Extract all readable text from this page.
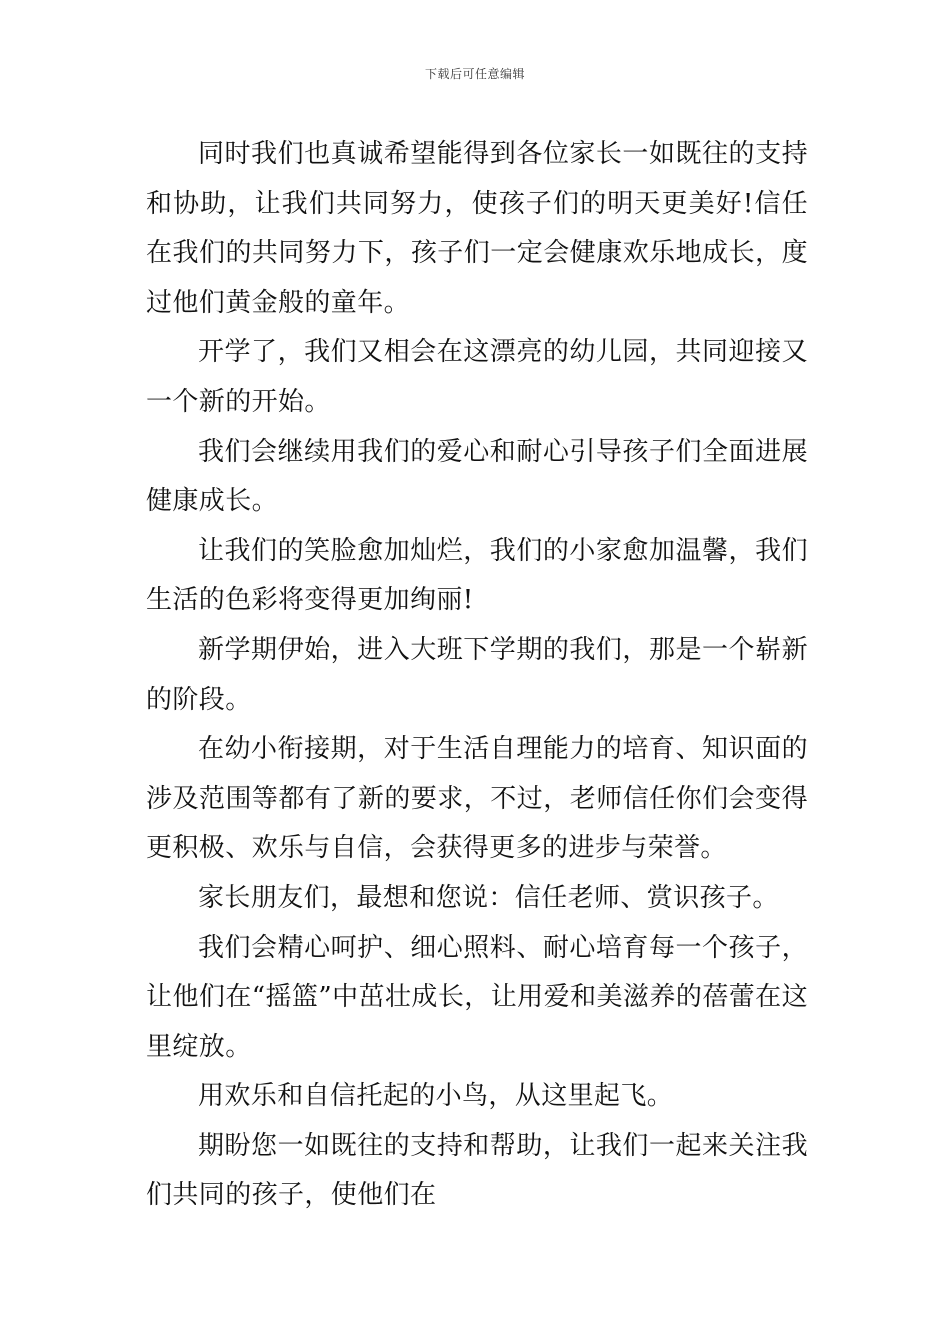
下载后可任意编辑

同时我们也真诚希望能得到各位家长一如既往的支持和协助，让我们共同努力，使孩子们的明天更美好!信任在我们的共同努力下，孩子们一定会健康欢乐地成长，度过他们黄金般的童年。

开学了，我们又相会在这漂亮的幼儿园，共同迎接又一个新的开始。

我们会继续用我们的爱心和耐心引导孩子们全面进展健康成长。

让我们的笑脸愈加灿烂，我们的小家愈加温馨，我们生活的色彩将变得更加绚丽!

新学期伊始，进入大班下学期的我们，那是一个崭新的阶段。

在幼小衔接期，对于生活自理能力的培育、知识面的涉及范围等都有了新的要求，不过，老师信任你们会变得更积极、欢乐与自信，会获得更多的进步与荣誉。

家长朋友们，最想和您说：信任老师、赏识孩子。

我们会精心呵护、细心照料、耐心培育每一个孩子，让他们在“摇篮”中茁壮成长，让用爱和美滋养的蓓蕾在这里绽放。

用欢乐和自信托起的小鸟，从这里起飞。

期盼您一如既往的支持和帮助，让我们一起来关注我们共同的孩子，使他们在
